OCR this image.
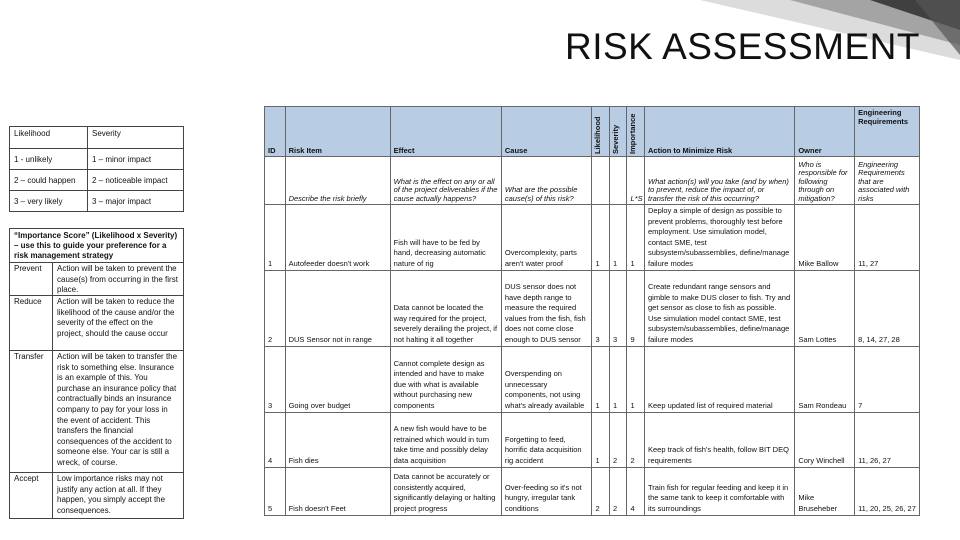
RISK ASSESSMENT
Likelihood	Severity
1 - unlikely	1 – minor impact
2 – could happen	2 – noticeable impact
3 – very likely	3 – major impact
“Importance Score” (Likelihood x Severity) – use this to guide your preference for a risk management strategy
Prevent	Action will be taken to prevent the cause(s) from occurring in the first place.
Reduce	Action will be taken to reduce the likelihood of the cause and/or the severity of the effect on the project, should the cause occur
Transfer	Action will be taken to transfer the risk to something else. Insurance is an example of this. You purchase an insurance policy that contractually binds an insurance company to pay for your loss in the event of accident. This transfers the financial consequences of the accident to someone else. Your car is still a wreck, of course.
Accept	Low importance risks may not justify any action at all. If they happen, you simply accept the consequences.
ID	Risk Item	Effect	Cause	Likelihood	Severity	Importance	Action to Minimize Risk	Owner	Engineering Requirements
	Describe the risk briefly	What is the effect on any or all of the project deliverables if the cause actually happens?	What are the possible cause(s) of this risk?			L*S	What action(s) will you take (and by when) to prevent, reduce the impact of, or transfer the risk of this occurring?	Who is responsible for following through on mitigation?	Engineering Requirements that are associated with risks
1	Autofeeder doesn't work	Fish will have to be fed by hand, decreasing automatic nature of rig	Overcomplexity, parts aren't water proof	1	1	1	Deploy a simple of design as possible to prevent problems, thoroughly test before employment. Use simulation model, contact SME, test subsystem/subassemblies, define/manage failure modes	Mike Ballow	11, 27
2	DUS Sensor not in range	Data cannot be located the way required for the project, severely derailing the project, if not halting it all together	DUS sensor does not have depth range to measure the required values from the fish, fish does not come close enough to DUS sensor	3	3	9	Create redundant range sensors and gimble to make DUS closer to fish. Try and get sensor as close to fish as possible. Use simulation model contact SME, test subsystem/subassemblies, define/manage failure modes	Sam Lottes	8, 14, 27, 28
3	Going over budget	Cannot complete design as intended and have to make due with what is available without purchasing new components	Overspending on unnecessary components, not using what's already available	1	1	1	Keep updated list of required material	Sam Rondeau	7
4	Fish dies	A new fish would have to be retrained which would in turn take time and possibly delay data acquisition	Forgetting to feed, horrific data acquisition rig accident	1	2	2	Keep track of fish's health, follow BIT DEQ requirements	Cory Winchell	11, 26, 27
5	Fish doesn't Feet	Data cannot be accurately or consistently acquired, significantly delaying or halting project progress	Over-feeding so it's not hungry, irregular tank conditions	2	2	4	Train fish for regular feeding and keep it in the same tank to keep it comfortable with its surroundings	Mike Bruseheber	11, 20, 25, 26, 27
